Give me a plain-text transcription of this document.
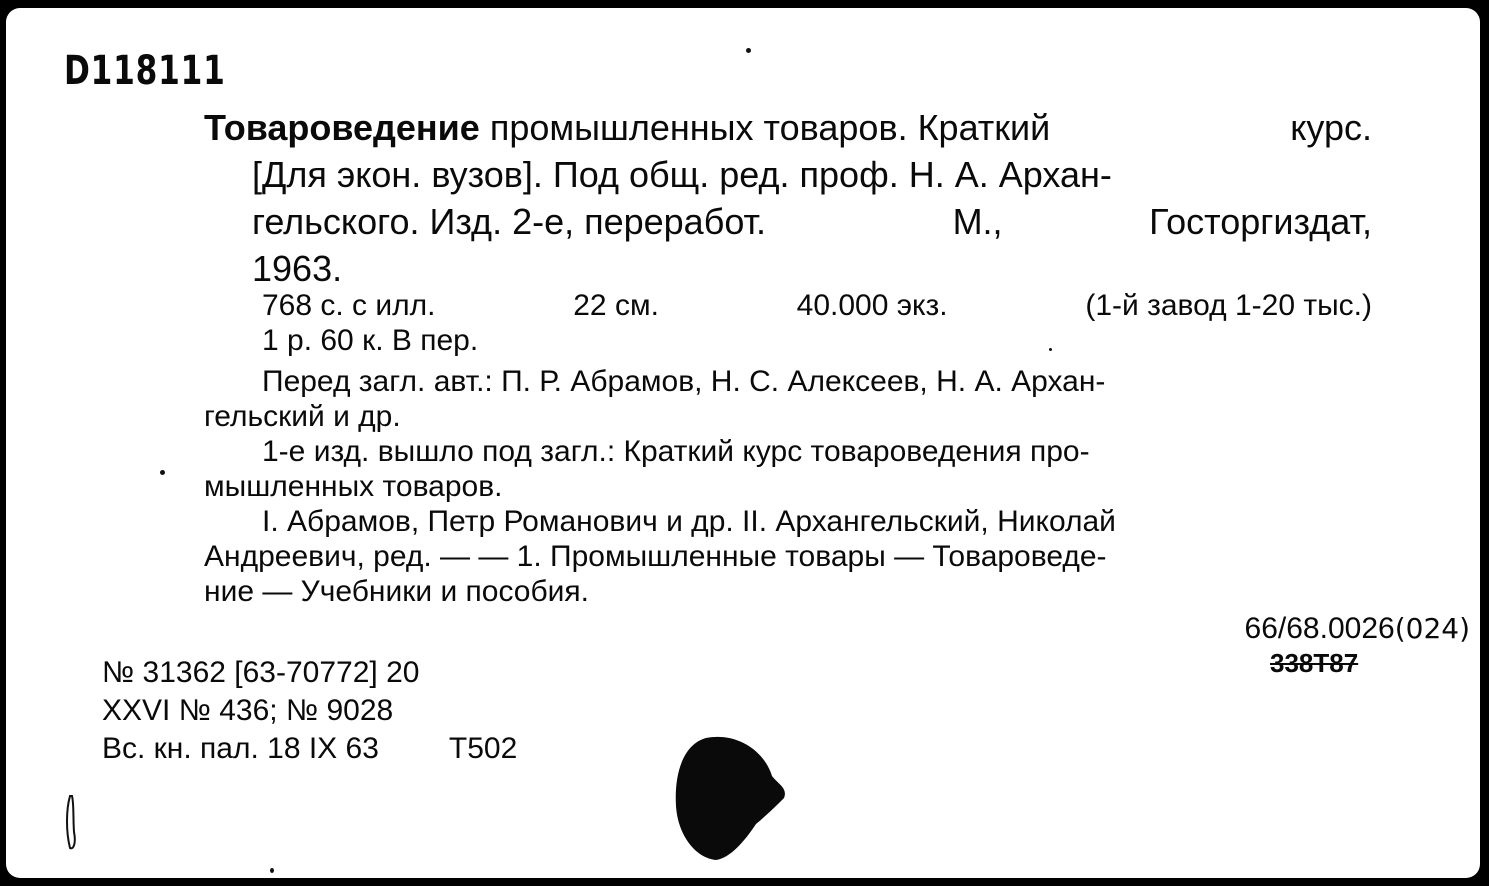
D118111
Товароведение промышленных товаров. Краткий	курс.
[Для экон. вузов]. Под общ. ред. проф. Н. А. Архан-
гельского. Изд. 2-е, переработ.	М.,	Госторгиздат,
1963.
768 с. с илл.	22 см.	40.000 экз.	(1-й завод 1-20 тыс.)
1 р. 60 к. В пер.
Перед загл. авт.: П. Р. Абрамов, Н. С. Алексеев, Н. А. Архан-
гельский и др.
1-е изд. вышло под загл.: Краткий курс товароведения про-
мышленных товаров.
I. Абрамов, Петр Романович и др. II. Архангельский, Николай
Андреевич, ред. — — 1. Промышленные товары — Товароведе-
ние — Учебники и пособия.
66/68.0026(024)
338Т87
№ 31362 [63-70772] 20
XXVI № 436; № 9028
Вс. кн. пал. 18 IX 63 Т502
